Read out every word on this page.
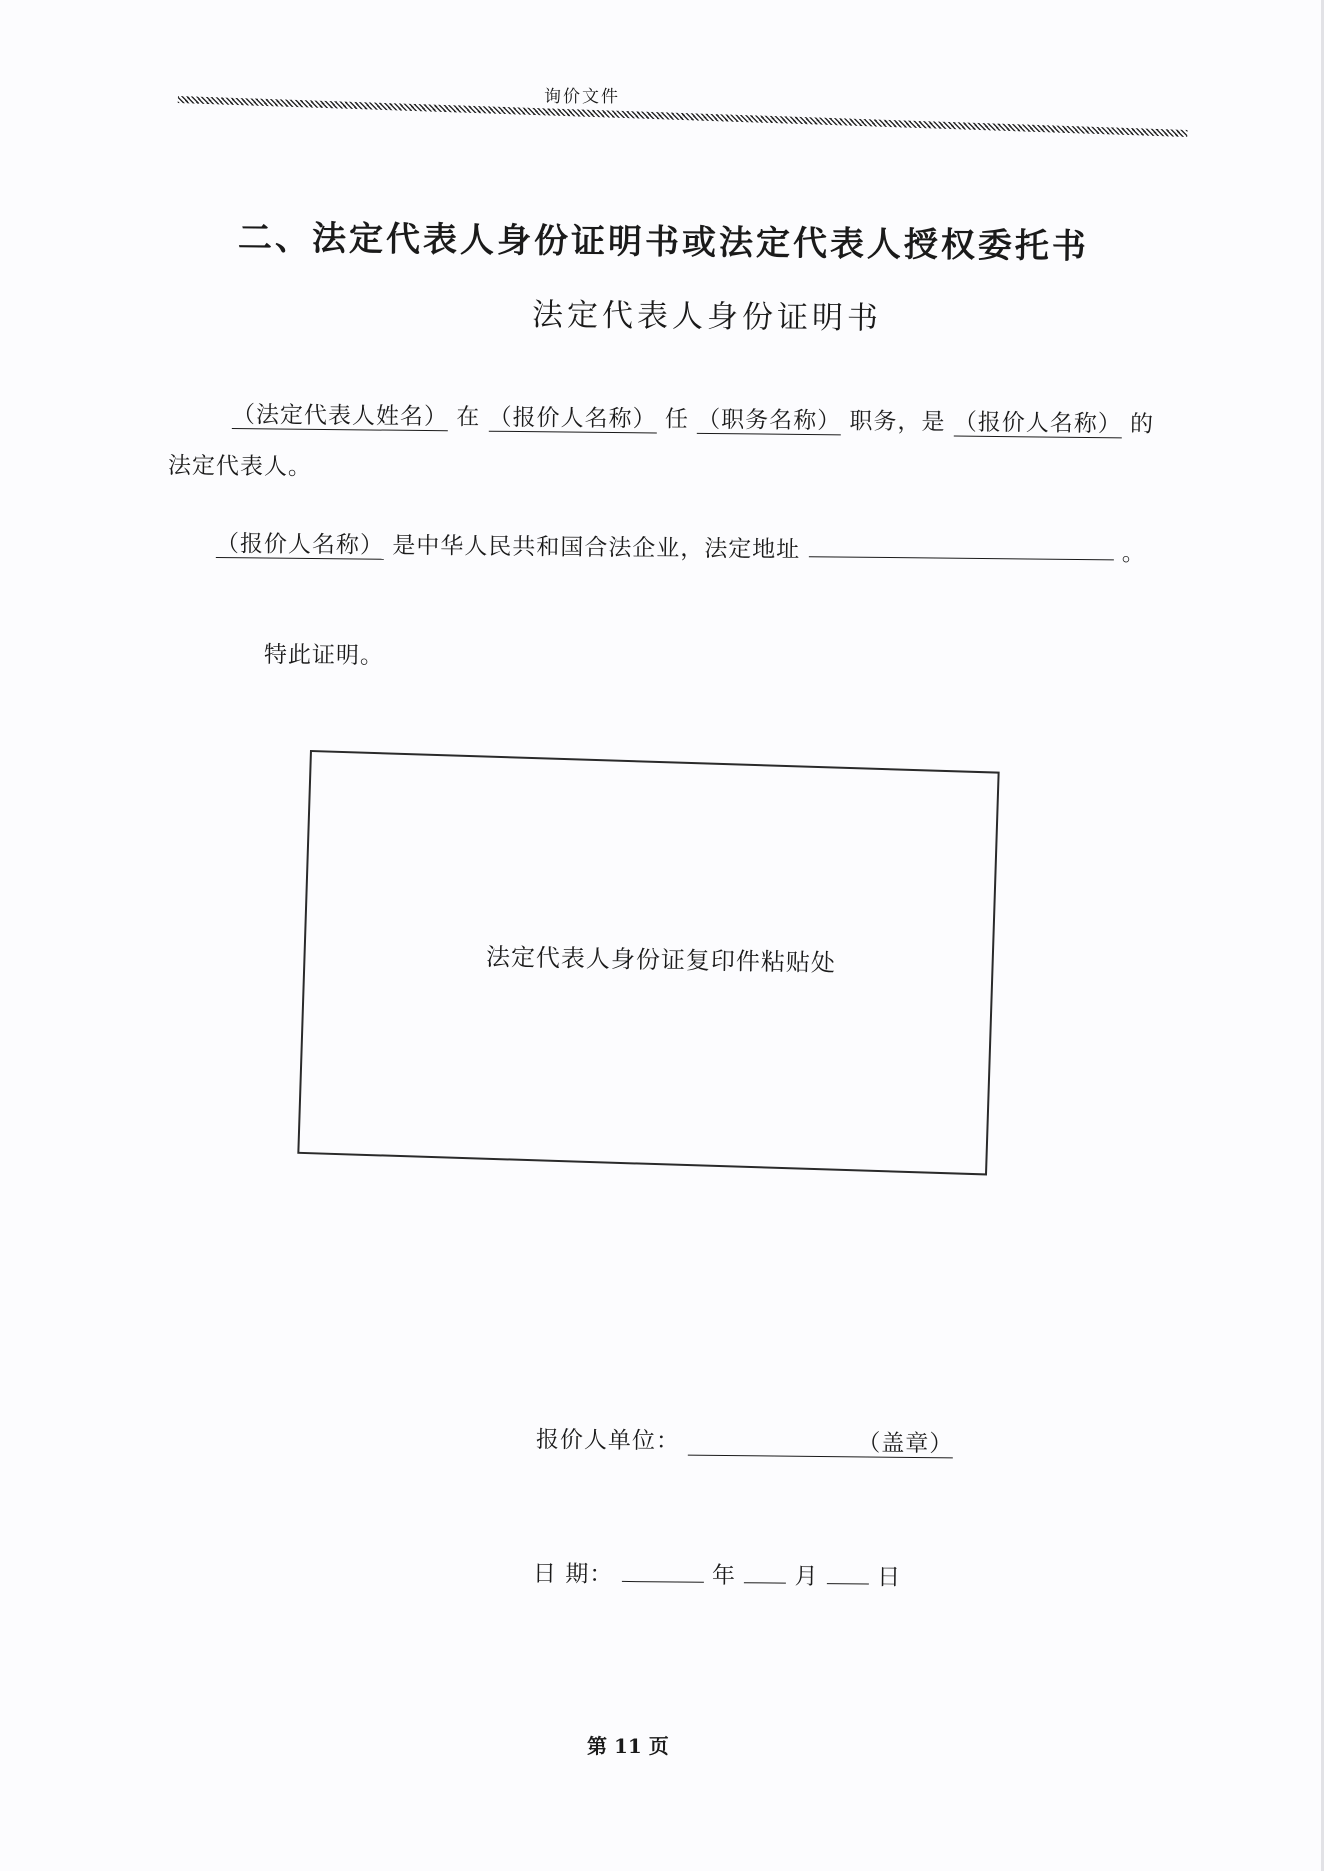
询价文件
二、法定代表人身份证明书或法定代表人授权委托书
法定代表人身份证明书
（法定代表人姓名） 在 （报价人名称） 任 （职务名称） 职务，是 （报价人名称） 的
法定代表人。
（报价人名称） 是中华人民共和国合法企业，法定地址	。
特此证明。
法定代表人身份证复印件粘贴处
报价人单位：	（盖章）
日 期：	年	月	日
第 11 页
